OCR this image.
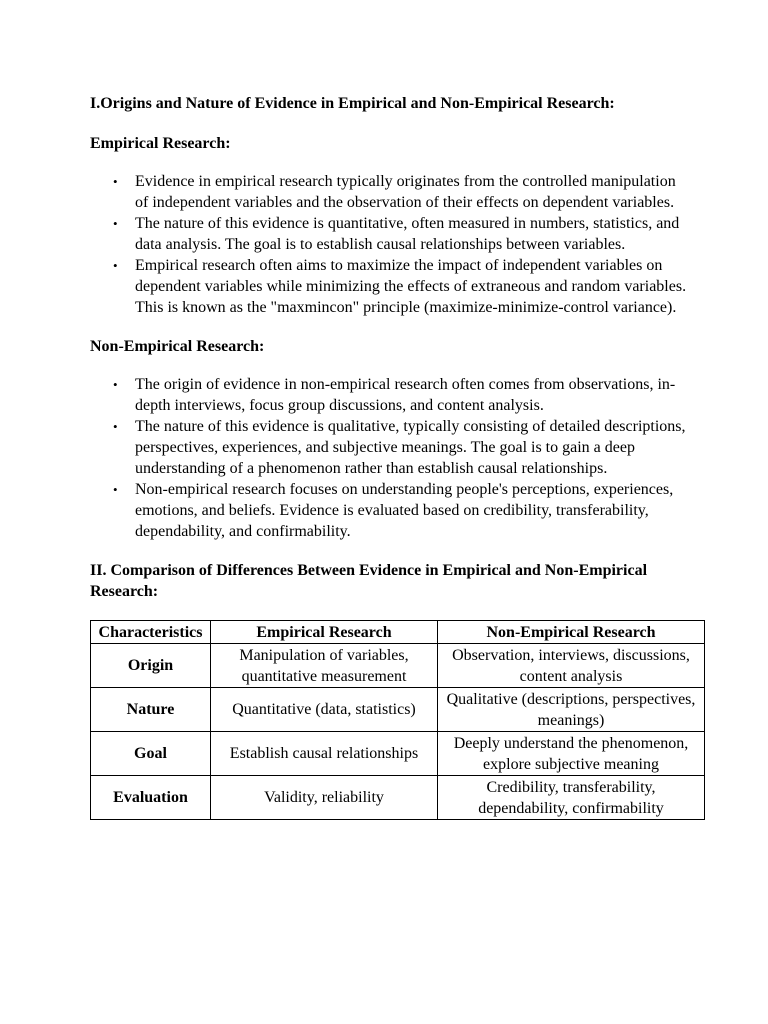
I.Origins and Nature of Evidence in Empirical and Non-Empirical Research:
Empirical Research:
• Evidence in empirical research typically originates from the controlled manipulation of independent variables and the observation of their effects on dependent variables.
• The nature of this evidence is quantitative, often measured in numbers, statistics, and data analysis. The goal is to establish causal relationships between variables.
• Empirical research often aims to maximize the impact of independent variables on dependent variables while minimizing the effects of extraneous and random variables. This is known as the "maxmincon" principle (maximize-minimize-control variance).
Non-Empirical Research:
• The origin of evidence in non-empirical research often comes from observations, in-depth interviews, focus group discussions, and content analysis.
• The nature of this evidence is qualitative, typically consisting of detailed descriptions, perspectives, experiences, and subjective meanings. The goal is to gain a deep understanding of a phenomenon rather than establish causal relationships.
• Non-empirical research focuses on understanding people's perceptions, experiences, emotions, and beliefs. Evidence is evaluated based on credibility, transferability, dependability, and confirmability.
II. Comparison of Differences Between Evidence in Empirical and Non-Empirical Research:
Characteristics	Empirical Research	Non-Empirical Research
Origin	Manipulation of variables, quantitative measurement	Observation, interviews, discussions, content analysis
Nature	Quantitative (data, statistics)	Qualitative (descriptions, perspectives, meanings)
Goal	Establish causal relationships	Deeply understand the phenomenon, explore subjective meaning
Evaluation	Validity, reliability	Credibility, transferability, dependability, confirmability
